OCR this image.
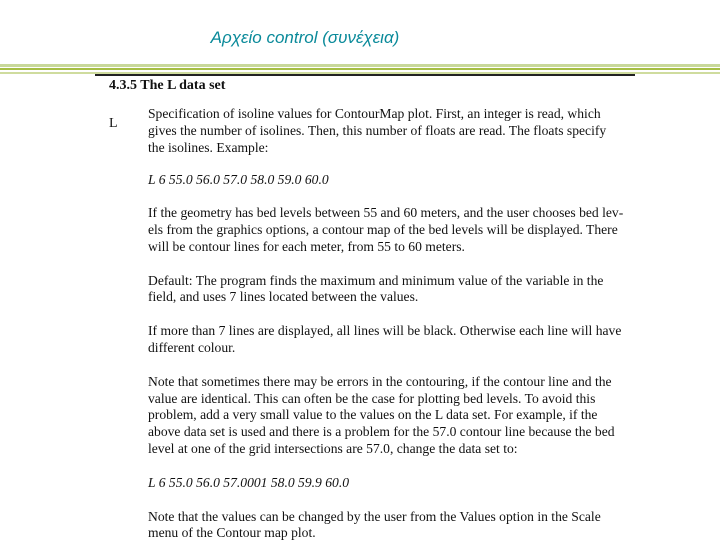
Αρχείο control (συνέχεια)
4.3.5 The L data set
L

Specification of isoline values for ContourMap plot. First, an integer is read, which
gives the number of isolines. Then, this number of floats are read. The floats specify
the isolines. Example:

L 6 55.0 56.0 57.0 58.0 59.0 60.0

If the geometry has bed levels between 55 and 60 meters, and the user chooses bed lev-
els from the graphics options, a contour map of the bed levels will be displayed. There
will be contour lines for each meter, from 55 to 60 meters.

Default: The program finds the maximum and minimum value of the variable in the
field, and uses 7 lines located between the values.

If more than 7 lines are displayed, all lines will be black. Otherwise each line will have
different colour.

Note that sometimes there may be errors in the contouring, if the contour line and the
value are identical. This can often be the case for plotting bed levels. To avoid this
problem, add a very small value to the values on the L data set. For example, if the
above data set is used and there is a problem for the 57.0 contour line because the bed
level at one of the grid intersections are 57.0, change the data set to:

L 6 55.0 56.0 57.0001 58.0 59.9 60.0

Note that the values can be changed by the user from the Values option in the Scale
menu of the Contour map plot.
